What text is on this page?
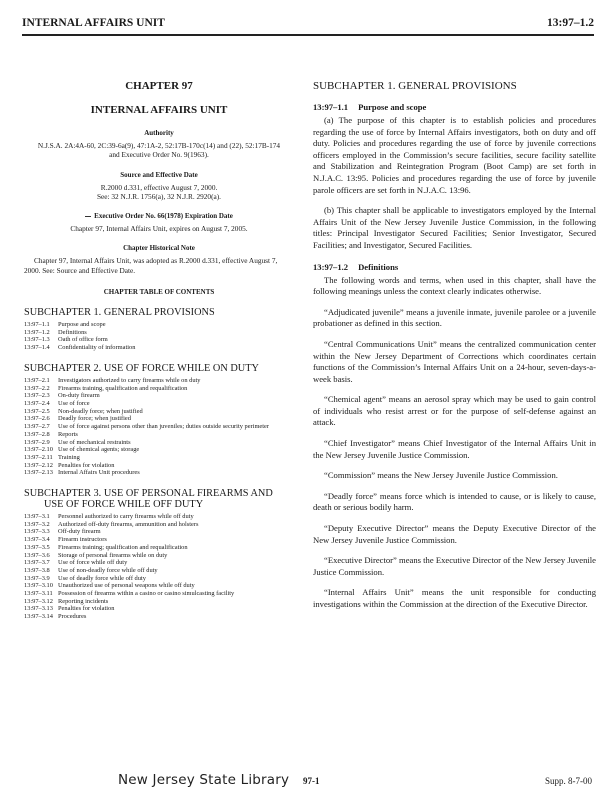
INTERNAL AFFAIRS UNIT	13:97–1.2
CHAPTER 97
INTERNAL AFFAIRS UNIT
Authority
N.J.S.A. 2A:4A-60, 2C:39-6a(9), 47:1A-2, 52:17B-170c(14) and (22), 52:17B-174 and Executive Order No. 9(1963).
Source and Effective Date
R.2000 d.331, effective August 7, 2000.
See: 32 N.J.R. 1756(a), 32 N.J.R. 2920(a).
Executive Order No. 66(1978) Expiration Date
Chapter 97, Internal Affairs Unit, expires on August 7, 2005.
Chapter Historical Note
Chapter 97, Internal Affairs Unit, was adopted as R.2000 d.331, effective August 7, 2000. See: Source and Effective Date.
CHAPTER TABLE OF CONTENTS
SUBCHAPTER 1. GENERAL PROVISIONS
13:97–1.1	Purpose and scope
13:97–1.2	Definitions
13:97–1.3	Oath of office form
13:97–1.4	Confidentiality of information
SUBCHAPTER 2. USE OF FORCE WHILE ON DUTY
13:97–2.1	Investigators authorized to carry firearms while on duty
13:97–2.2	Firearms training, qualification and requalification
13:97–2.3	On-duty firearm
13:97–2.4	Use of force
13:97–2.5	Non-deadly force; when justified
13:97–2.6	Deadly force; when justified
13:97–2.7	Use of force against persons other than juveniles; duties outside security perimeter
13:97–2.8	Reports
13:97–2.9	Use of mechanical restraints
13:97–2.10 Use of chemical agents; storage
13:97–2.11 Training
13:97–2.12 Penalties for violation
13:97–2.13 Internal Affairs Unit procedures
SUBCHAPTER 3. USE OF PERSONAL FIREARMS AND
USE OF FORCE WHILE OFF DUTY
13:97–3.1	Personnel authorized to carry firearms while off duty
13:97–3.2	Authorized off-duty firearms, ammunition and holsters
13:97–3.3	Off-duty firearm
13:97–3.4	Firearm instructors
13:97–3.5	Firearms training; qualification and requalification
13:97–3.6	Storage of personal firearms while on duty
13:97–3.7	Use of force while off duty
13:97–3.8	Use of non-deadly force while off duty
13:97–3.9	Use of deadly force while off duty
13:97–3.10 Unauthorized use of personal weapons while off duty
13:97–3.11 Possession of firearms within a casino or casino simulcasting facility
13:97–3.12 Reporting incidents
13:97–3.13 Penalties for violation
13:97–3.14 Procedures
SUBCHAPTER 1. GENERAL PROVISIONS
13:97–1.1 Purpose and scope

(a) The purpose of this chapter is to establish policies and procedures regarding the use of force by Internal Affairs investigators, both on duty and off duty. Policies and procedures regarding the use of force by juvenile corrections officers employed in the Commission’s secure facilities, secure facility satellite and Stabilization and Reintegration Program (Boot Camp) are set forth in N.J.A.C. 13:95. Policies and procedures regarding the use of force by juvenile parole officers are set forth in N.J.A.C. 13:96.

(b) This chapter shall be applicable to investigators employed by the Internal Affairs Unit of the New Jersey Juvenile Justice Commission, in the following titles: Principal Investigator Secured Facilities; Senior Investigator, Secured Facilities; and Investigator, Secured Facilities.

13:97–1.2 Definitions

The following words and terms, when used in this chapter, shall have the following meanings unless the context clearly indicates otherwise.

“Adjudicated juvenile” means a juvenile inmate, juvenile parolee or a juvenile probationer as defined in this section.

“Central Communications Unit” means the centralized communication center within the New Jersey Department of Corrections which coordinates certain functions of the Commission’s Internal Affairs Unit on a 24-hour, seven-days-a-week basis.

“Chemical agent” means an aerosol spray which may be used to gain control of individuals who resist arrest or for the purpose of self-defense against an attack.

“Chief Investigator” means Chief Investigator of the Internal Affairs Unit in the New Jersey Juvenile Justice Commission.

“Commission” means the New Jersey Juvenile Justice Commission.

“Deadly force” means force which is intended to cause, or is likely to cause, death or serious bodily harm.

“Deputy Executive Director” means the Deputy Executive Director of the New Jersey Juvenile Justice Commission.

“Executive Director” means the Executive Director of the New Jersey Juvenile Justice Commission.

“Internal Affairs Unit” means the unit responsible for conducting investigations within the Commission at the direction of the Executive Director.

New Jersey State Library 97-1	Supp. 8-7-00
